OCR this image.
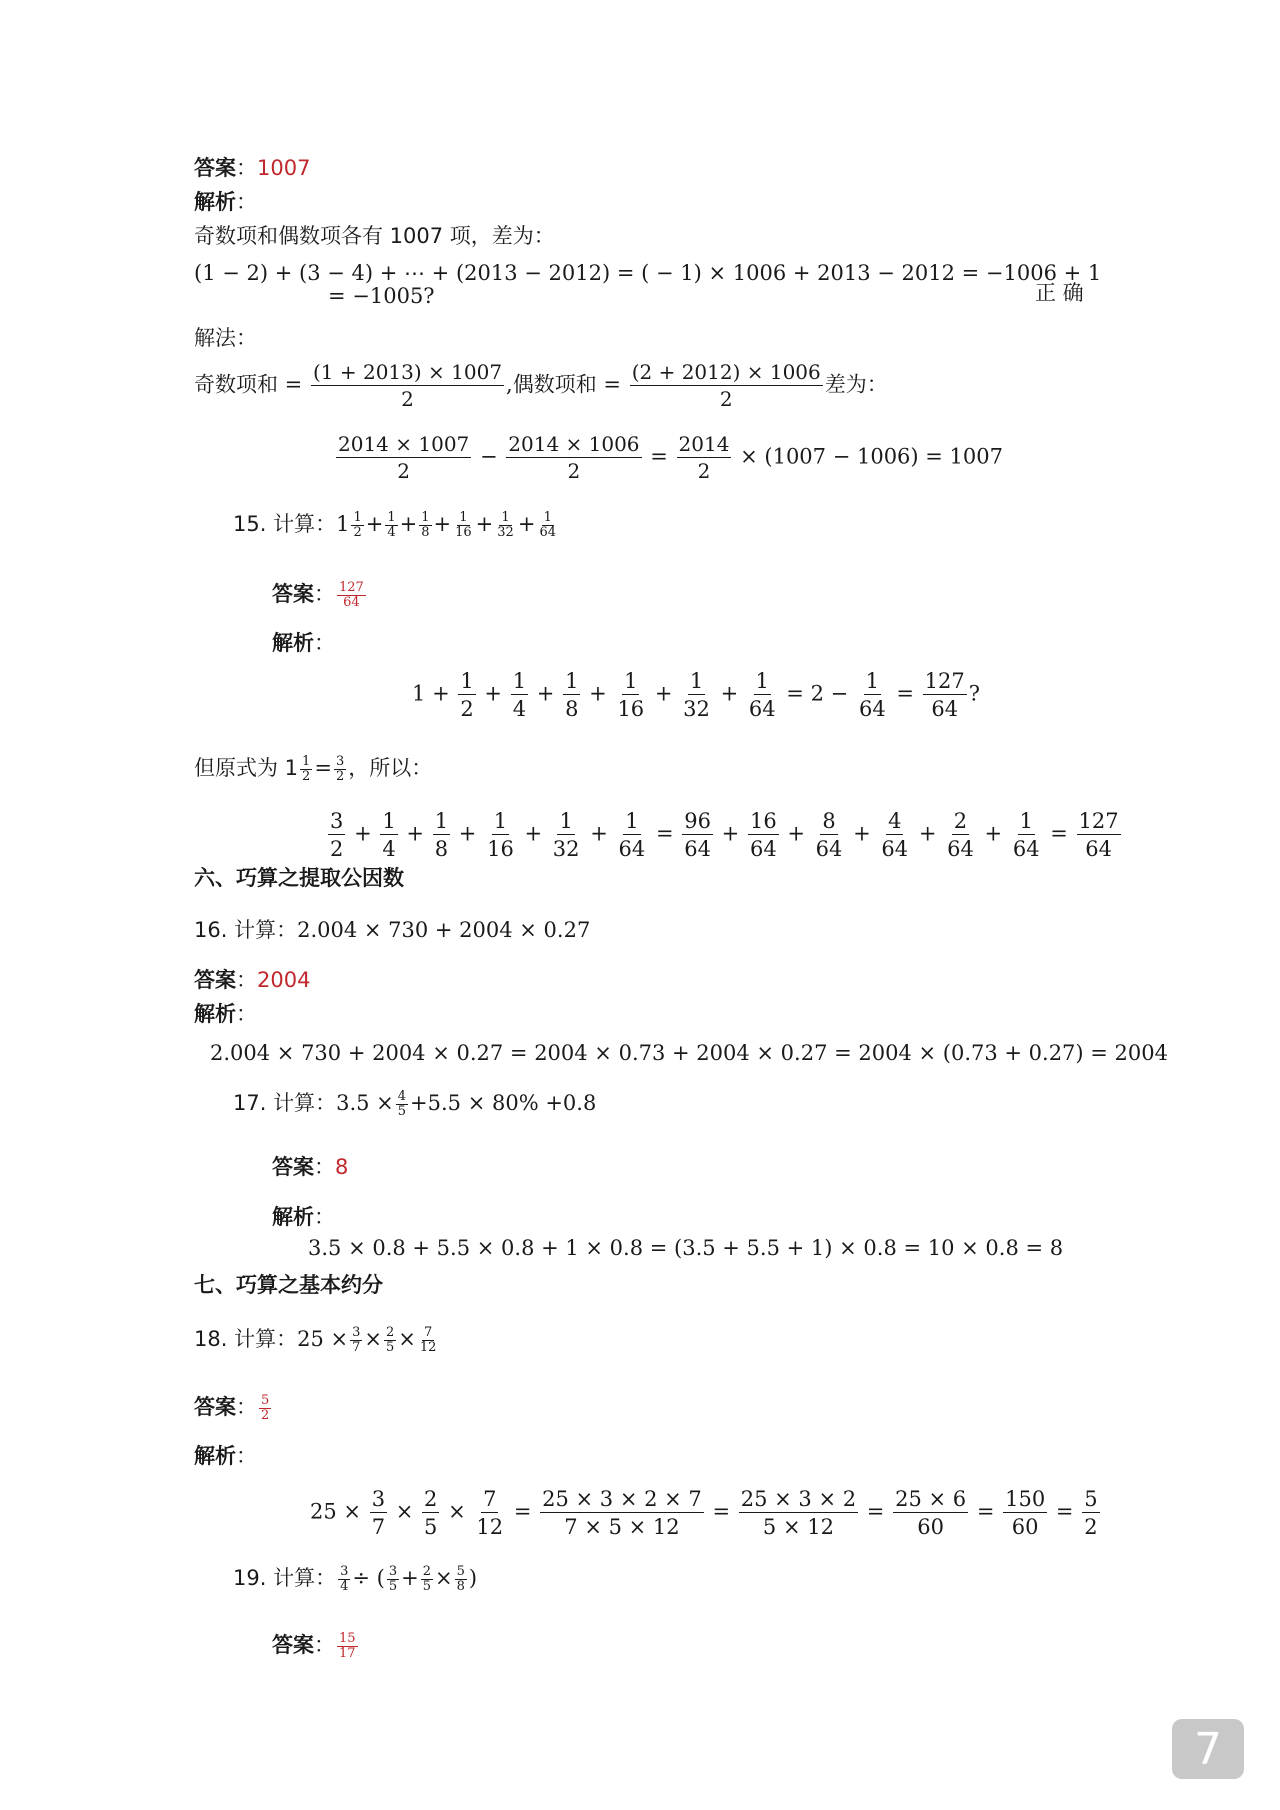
答案：1007
解析：
奇数项和偶数项各有 1007 项，差为：
(1 − 2) + (3 − 4) + ⋯ + (2013 − 2012) = ( − 1) × 1006 + 2013 − 2012 = −1006 + 1
= −1005?	正 确
解法：
奇数项和 = $\frac{(1 + 2013) \times 1007}{2}$ ,偶数项和 = $\frac{(2 + 2012) \times 1006}{2}$ 差为：
$\frac{2014 \times 1007}{2} - \frac{2014 \times 1006}{2} = \frac{2014}{2} \times (1007 - 1006) = 1007$
15. 计算：$1 \frac{1}{2} + \frac{1}{4} + \frac{1}{8} + \frac{1}{16} + \frac{1}{32} + \frac{1}{64}$
答案： $\frac{127}{64}$
解析：
$1 + \frac{1}{2} + \frac{1}{4} + \frac{1}{8} + \frac{1}{16} + \frac{1}{32} + \frac{1}{64} = 2 - \frac{1}{64} = \frac{127}{64}$ ?
但原式为 $1 \frac{1}{2} = \frac{3}{2}$ ，所以：
$\frac{3}{2} + \frac{1}{4} + \frac{1}{8} + \frac{1}{16} + \frac{1}{32} + \frac{1}{64} = \frac{96}{64} + \frac{16}{64} + \frac{8}{64} + \frac{4}{64} + \frac{2}{64} + \frac{1}{64} = \frac{127}{64}$
六、巧算之提取公因数
16. 计算：2.004 × 730 + 2004 × 0.27
答案：2004
解析：
2.004 × 730 + 2004 × 0.27 = 2004 × 0.73 + 2004 × 0.27 = 2004 × (0.73 + 0.27) = 2004
17. 计算：$3.5 \times \frac{4}{5} +5.5 \times 80\% +0.8$
答案：8
解析：
3.5 × 0.8 + 5.5 × 0.8 + 1 × 0.8 = (3.5 + 5.5 + 1) × 0.8 = 10 × 0.8 = 8
七、巧算之基本约分
18. 计算：$25 \times \frac{3}{7} \times \frac{2}{5} \times \frac{7}{12}$
答案： $\frac{5}{2}$
解析：
$25 \times \frac{3}{7} \times \frac{2}{5} \times \frac{7}{12} = \frac{25 \times 3 \times 2 \times 7}{7 \times 5 \times 12} = \frac{25 \times 3 \times 2}{5 \times 12} = \frac{25 \times 6}{60} = \frac{150}{60} = \frac{5}{2}$
19. 计算： $\frac{3}{4}$ ÷ ( $\frac{3}{5} + \frac{2}{5} \times \frac{5}{8}$ )
答案： $\frac{15}{17}$
7
